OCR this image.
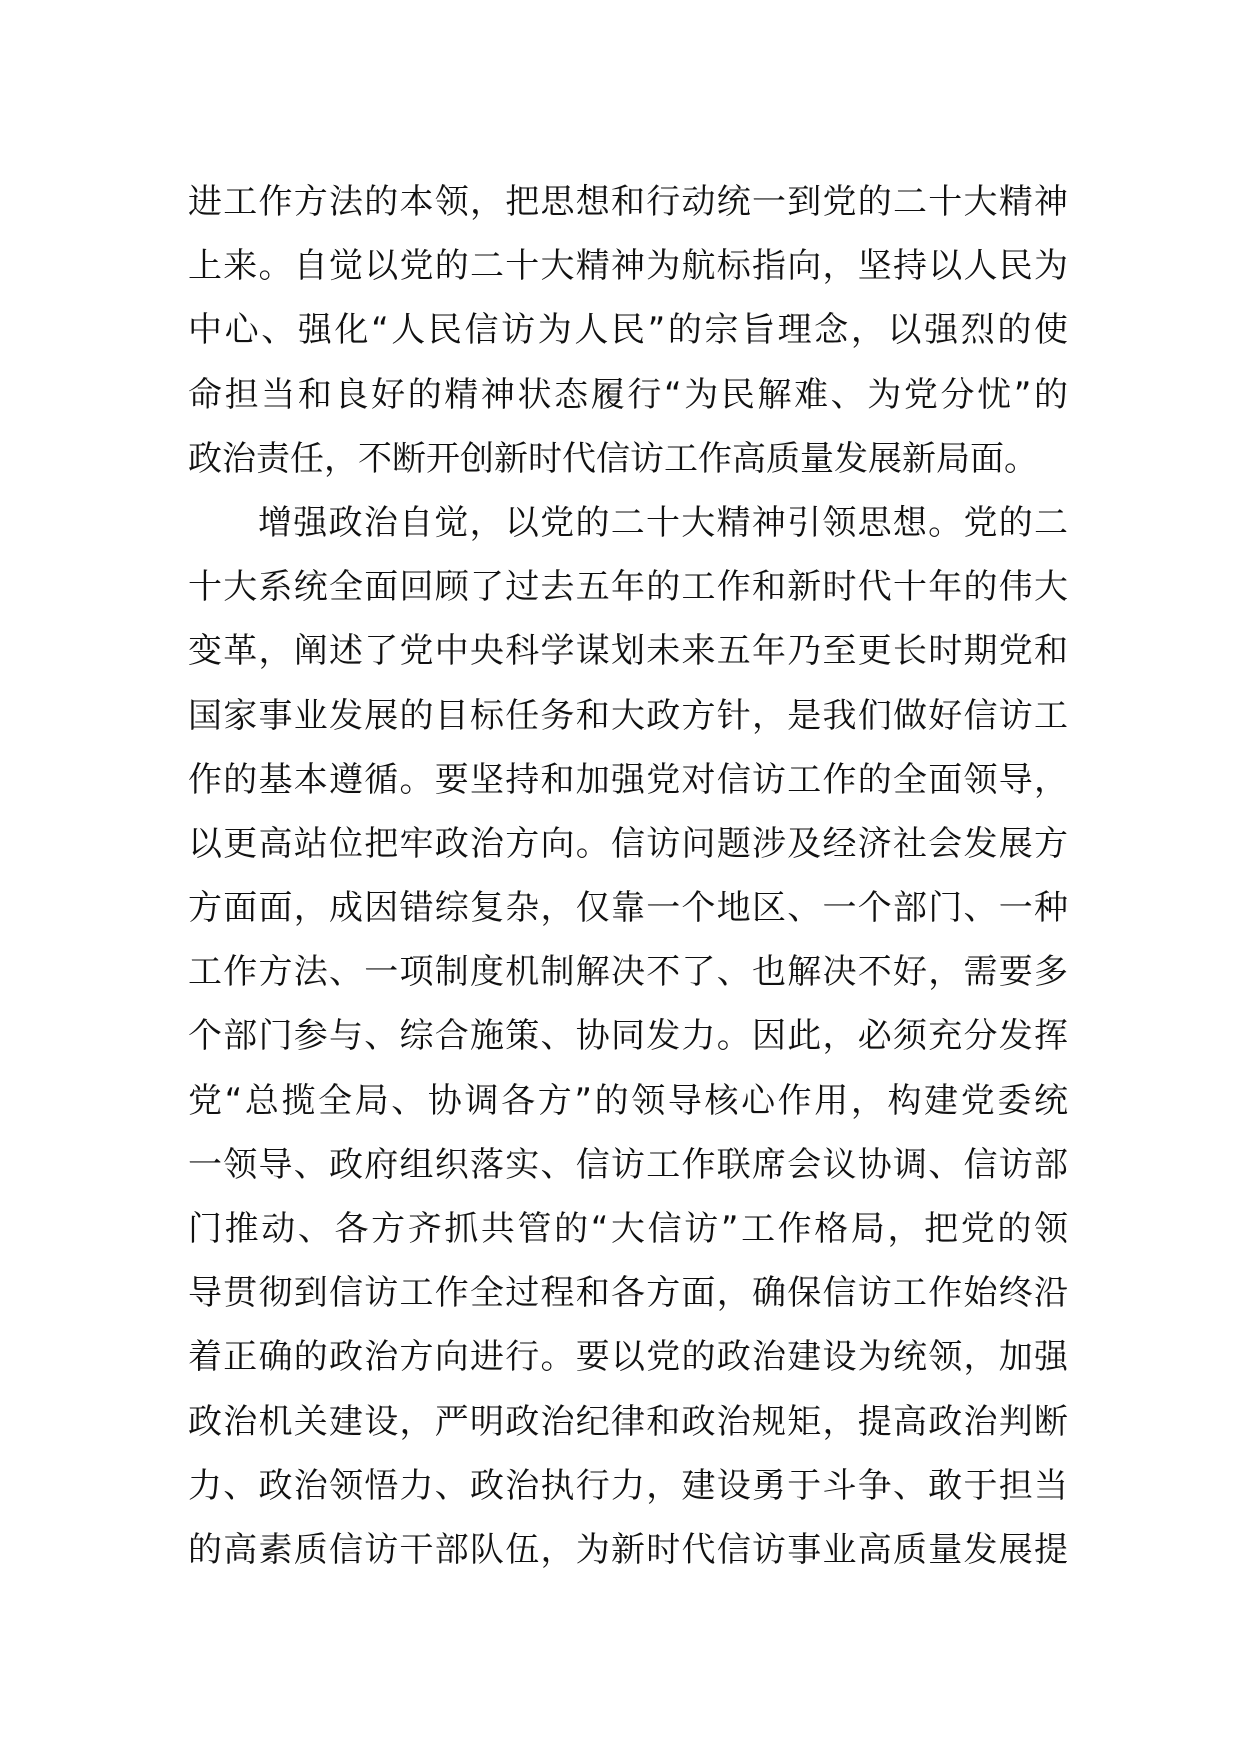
进工作方法的本领，把思想和行动统一到党的二十大精神
上来。自觉以党的二十大精神为航标指向，坚持以人民为
中心、强化“人民信访为人民”的宗旨理念，以强烈的使
命担当和良好的精神状态履行“为民解难、为党分忧”的
政治责任，不断开创新时代信访工作高质量发展新局面。
增强政治自觉，以党的二十大精神引领思想。党的二
十大系统全面回顾了过去五年的工作和新时代十年的伟大
变革，阐述了党中央科学谋划未来五年乃至更长时期党和
国家事业发展的目标任务和大政方针，是我们做好信访工
作的基本遵循。要坚持和加强党对信访工作的全面领导，
以更高站位把牢政治方向。信访问题涉及经济社会发展方
方面面，成因错综复杂，仅靠一个地区、一个部门、一种
工作方法、一项制度机制解决不了、也解决不好，需要多
个部门参与、综合施策、协同发力。因此，必须充分发挥
党“总揽全局、协调各方”的领导核心作用，构建党委统
一领导、政府组织落实、信访工作联席会议协调、信访部
门推动、各方齐抓共管的“大信访”工作格局，把党的领
导贯彻到信访工作全过程和各方面，确保信访工作始终沿
着正确的政治方向进行。要以党的政治建设为统领，加强
政治机关建设，严明政治纪律和政治规矩，提高政治判断
力、政治领悟力、政治执行力，建设勇于斗争、敢于担当
的高素质信访干部队伍，为新时代信访事业高质量发展提
